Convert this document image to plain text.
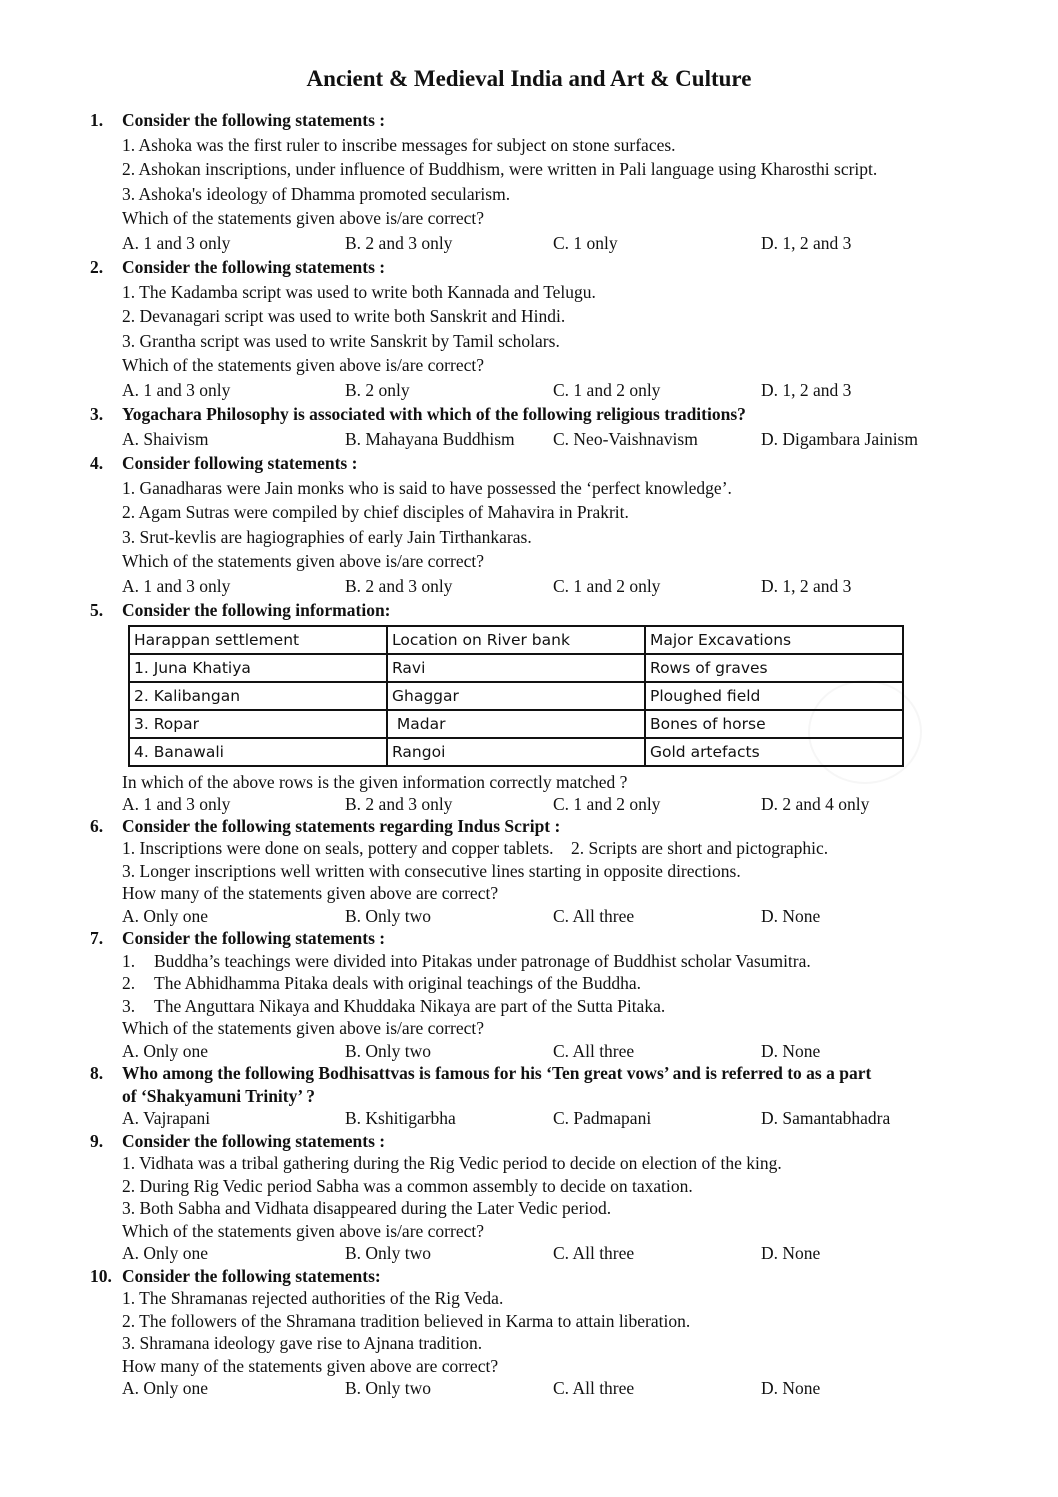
Ancient & Medieval India and Art & Culture
1. Consider the following statements :
1. Ashoka was the first ruler to inscribe messages for subject on stone surfaces.
2. Ashokan inscriptions, under influence of Buddhism, were written in Pali language using Kharosthi script.
3. Ashoka's ideology of Dhamma promoted secularism.
Which of the statements given above is/are correct?
A. 1 and 3 only	B. 2 and 3 only	C. 1 only	D. 1, 2 and 3
2. Consider the following statements :
1. The Kadamba script was used to write both Kannada and Telugu.
2. Devanagari script was used to write both Sanskrit and Hindi.
3. Grantha script was used to write Sanskrit by Tamil scholars.
Which of the statements given above is/are correct?
A. 1 and 3 only	B. 2 only	C. 1 and 2 only	D. 1, 2 and 3
3. Yogachara Philosophy is associated with which of the following religious traditions?
A. Shaivism	B. Mahayana Buddhism	C. Neo-Vaishnavism	D. Digambara Jainism
4. Consider following statements :
1. Ganadharas were Jain monks who is said to have possessed the ‘perfect knowledge’.
2. Agam Sutras were compiled by chief disciples of Mahavira in Prakrit.
3. Srut-kevlis are hagiographies of early Jain Tirthankaras.
Which of the statements given above is/are correct?
A. 1 and 3 only	B. 2 and 3 only	C. 1 and 2 only	D. 1, 2 and 3
5. Consider the following information:
Harappan settlement	Location on River bank	Major Excavations
1. Juna Khatiya	Ravi	Rows of graves
2. Kalibangan	Ghaggar	Ploughed field
3. Ropar	Madar	Bones of horse
4. Banawali	Rangoi	Gold artefacts
In which of the above rows is the given information correctly matched ?
A. 1 and 3 only	B. 2 and 3 only	C. 1 and 2 only	D. 2 and 4 only
6. Consider the following statements regarding Indus Script :
1. Inscriptions were done on seals, pottery and copper tablets.    2. Scripts are short and pictographic.
3. Longer inscriptions well written with consecutive lines starting in opposite directions.
How many of the statements given above are correct?
A. Only one	B. Only two	C. All three	D. None
7. Consider the following statements :
1.	Buddha’s teachings were divided into Pitakas under patronage of Buddhist scholar Vasumitra.
2.	The Abhidhamma Pitaka deals with original teachings of the Buddha.
3.	The Anguttara Nikaya and Khuddaka Nikaya are part of the Sutta Pitaka.
Which of the statements given above is/are correct?
A. Only one	B. Only two	C. All three	D. None
8. Who among the following Bodhisattvas is famous for his ‘Ten great vows’ and is referred to as a part
of ‘Shakyamuni Trinity’ ?
A. Vajrapani	B. Kshitigarbha	C. Padmapani	D. Samantabhadra
9. Consider the following statements :
1. Vidhata was a tribal gathering during the Rig Vedic period to decide on election of the king.
2. During Rig Vedic period Sabha was a common assembly to decide on taxation.
3. Both Sabha and Vidhata disappeared during the Later Vedic period.
Which of the statements given above is/are correct?
A. Only one	B. Only two	C. All three	D. None
10. Consider the following statements:
1. The Shramanas rejected authorities of the Rig Veda.
2. The followers of the Shramana tradition believed in Karma to attain liberation.
3. Shramana ideology gave rise to Ajnana tradition.
How many of the statements given above are correct?
A. Only one	B. Only two	C. All three	D. None
